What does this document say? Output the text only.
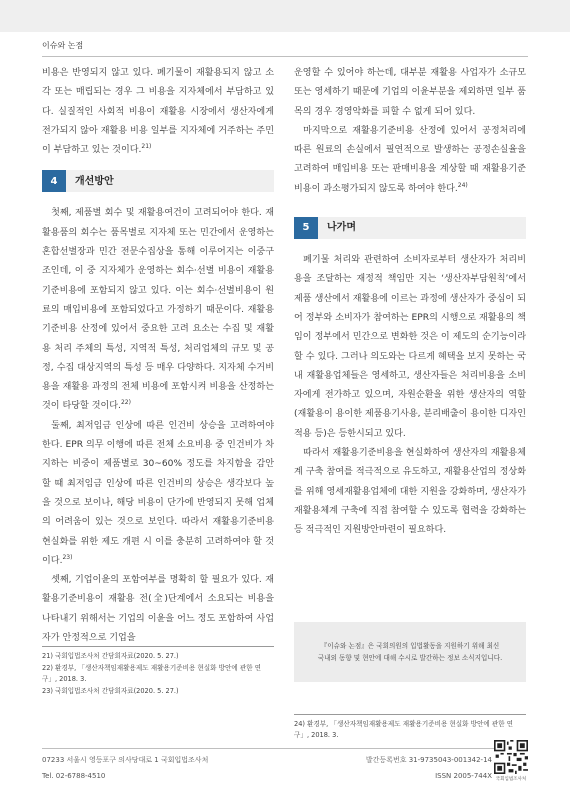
이슈와 논점

비용은 반영되지 않고 있다. 폐기물이 재활용되지 않고 소각 또는 매립되는 경우 그 비용을 지자체에서 부담하고 있다. 실질적인 사회적 비용이 재활용 시장에서 생산자에게 전가되지 않아 재활용 비용 일부를 지자체에 거주하는 주민이 부담하고 있는 것이다.$^{21)}$

4	개선방안

첫째, 제품별 회수 및 재활용여건이 고려되어야 한다. 재활용품의 회수는 품목별로 지자체 또는 민간에서 운영하는 혼합선별장과 민간 전문수집상을 통해 이루어지는 이중구조인데, 이 중 지자체가 운영하는 회수·선별 비용이 재활용기준비용에 포함되지 않고 있다. 이는 회수·선별비용이 원료의 매입비용에 포함되었다고 가정하기 때문이다. 재활용기준비용 산정에 있어서 중요한 고려 요소는 수집 및 재활용 처리 주체의 특성, 지역적 특성, 처리업체의 규모 및 공정, 수집 대상지역의 특성 등 매우 다양하다. 지자체 수거비용을 재활용 과정의 전체 비용에 포함시켜 비용을 산정하는 것이 타당할 것이다.$^{22)}$

둘째, 최저임금 인상에 따른 인건비 상승을 고려하여야 한다. EPR 의무 이행에 따른 전체 소요비용 중 인건비가 차지하는 비중이 제품별로 30~60% 정도를 차지함을 감안할 때 최저임금 인상에 따른 인건비의 상승은 생각보다 높을 것으로 보이나, 해당 비용이 단가에 반영되지 못해 업체의 어려움이 있는 것으로 보인다. 따라서 재활용기준비용 현실화를 위한 제도 개편 시 이를 충분히 고려하여야 할 것이다.$^{23)}$

셋째, 기업이윤의 포함여부를 명확히 할 필요가 있다. 재활용기준비용이 재활용 전(全)단계에서 소요되는 비용을 나타내기 위해서는 기업의 이윤을 어느 정도 포함하여 사업자가 안정적으로 기업을

운영할 수 있어야 하는데, 대부분 재활용 사업자가 소규모 또는 영세하기 때문에 기업의 이윤부분을 제외하면 일부 품목의 경우 경영악화를 피할 수 없게 되어 있다.

마지막으로 재활용기준비용 산정에 있어서 공정처리에 따른 원료의 손실에서 필연적으로 발생하는 공정손실율을 고려하여 매입비용 또는 판매비용을 계상할 때 재활용기준비용이 과소평가되지 않도록 하여야 한다.$^{24)}$

5	나가며

폐기물 처리와 관련하여 소비자로부터 생산자가 처리비용을 조달하는 재정적 책임만 지는 ‘생산자부담원칙’에서 제품 생산에서 재활용에 이르는 과정에 생산자가 중심이 되어 정부와 소비자가 참여하는 EPR의 시행으로 재활용의 책임이 정부에서 민간으로 변화한 것은 이 제도의 순기능이라 할 수 있다. 그러나 의도와는 다르게 혜택을 보지 못하는 국내 재활용업체들은 영세하고, 생산자들은 처리비용을 소비자에게 전가하고 있으며, 자원순환을 위한 생산자의 역할(재활용이 용이한 제품용기사용, 분리배출이 용이한 디자인 적용 등)은 등한시되고 있다.

따라서 재활용기준비용을 현실화하여 생산자의 재활용체계 구축 참여를 적극적으로 유도하고, 재활용산업의 정상화를 위해 영세재활용업체에 대한 지원을 강화하며, 생산자가 재활용체계 구축에 직접 참여할 수 있도록 협력을 강화하는 등 적극적인 지원방안마련이 필요하다.

『이슈와 논점』은 국회의원의 입법활동을 지원하기 위해 최신
국내외 동향 및 현안에 대해 수시로 발간하는 정보 소식지입니다.
21) 국회입법조사처 간담회자료(2020. 5. 27.)
22) 환경부, 「생산자책임재활용제도 재활용기준비용 현실화 방안에 관한 연구」, 2018. 3.
23) 국회입법조사처 간담회자료(2020. 5. 27.)
24) 환경부, 「생산자책임재활용제도 재활용기준비용 현실화 방안에 관한 연구」, 2018. 3.
07233 서울시 영등포구 의사당대로 1 국회입법조사처
Tel. 02-6788-4510
발간등록번호 31-9735043-001342-14
ISSN 2005-744X 국회입법조사처
